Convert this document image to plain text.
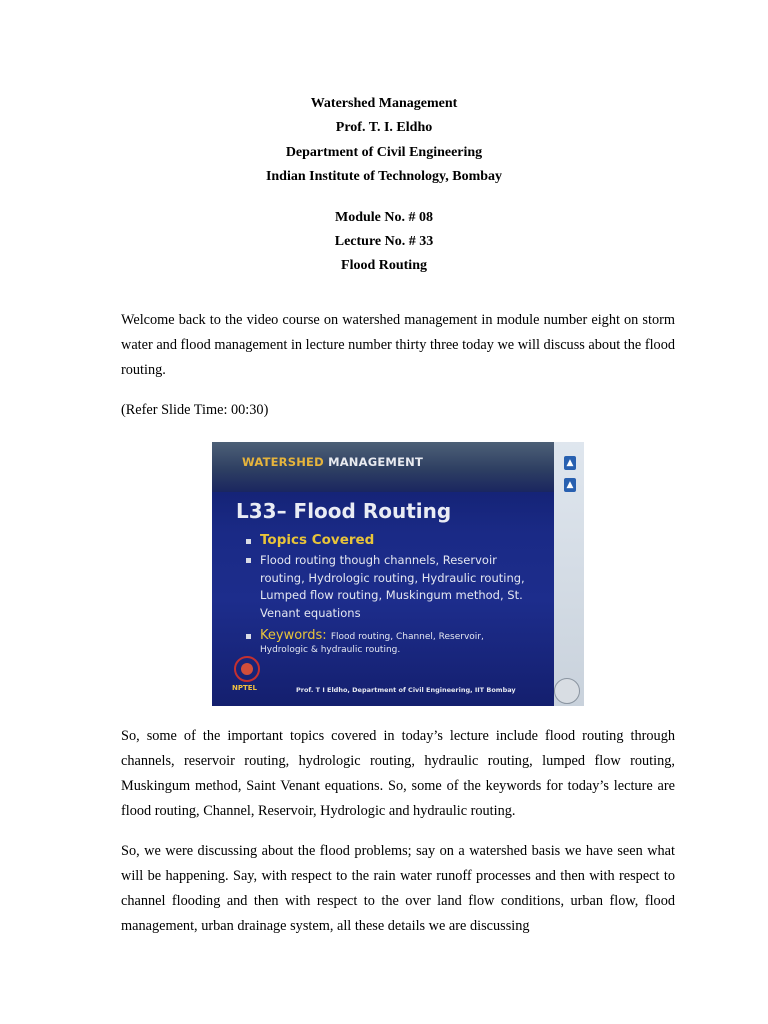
Watershed Management
Prof. T. I. Eldho
Department of Civil Engineering
Indian Institute of Technology, Bombay
Module No. # 08
Lecture No. # 33
Flood Routing

Welcome back to the video course on watershed management in module number eight on storm water and flood management in lecture number thirty three today we will discuss about the flood routing.

(Refer Slide Time: 00:30)

WATERSHED MANAGEMENT	▲
▲
L33– Flood Routing
Topics Covered
Flood routing though channels, Reservoir routing, Hydrologic routing, Hydraulic routing, Lumped flow routing, Muskingum method, St. Venant equations
Keywords: Flood routing, Channel, Reservoir,
Hydrologic & hydraulic routing.
NPTEL	Prof. T I Eldho, Department of Civil Engineering, IIT Bombay

So, some of the important topics covered in today’s lecture include flood routing through channels, reservoir routing, hydrologic routing, hydraulic routing, lumped flow routing, Muskingum method, Saint Venant equations. So, some of the keywords for today’s lecture are flood routing, Channel, Reservoir, Hydrologic and hydraulic routing.

So, we were discussing about the flood problems; say on a watershed basis we have seen what will be happening. Say, with respect to the rain water runoff processes and then with respect to channel flooding and then with respect to the over land flow conditions, urban flow, flood management, urban drainage system, all these details we are discussing
